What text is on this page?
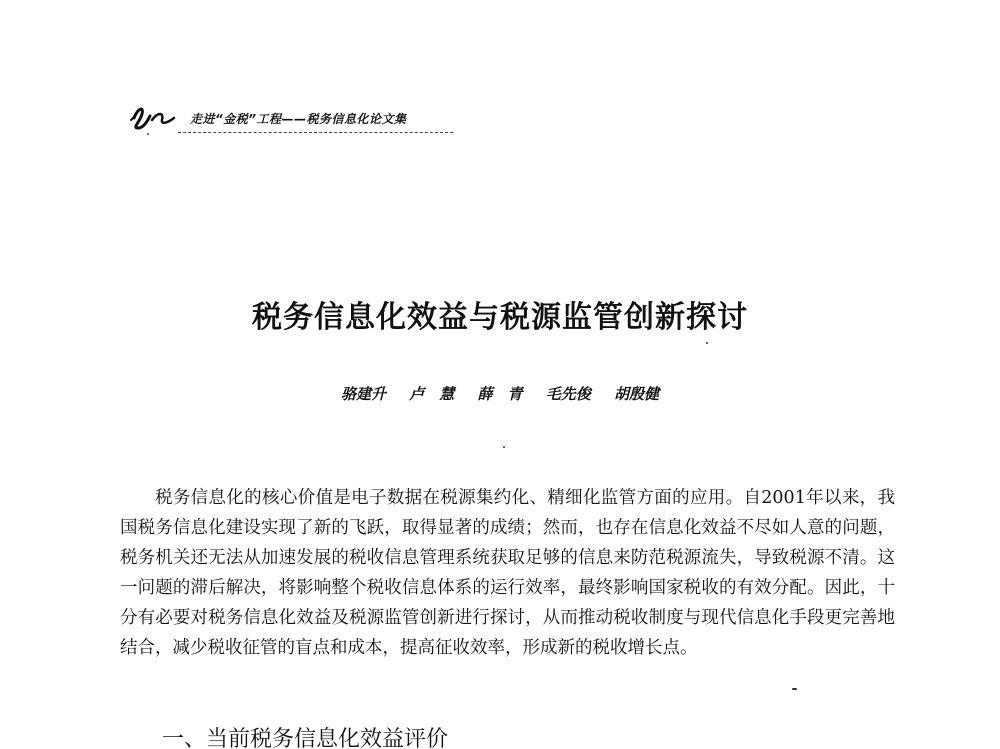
走进“金税”工程——税务信息化论文集
税务信息化效益与税源监管创新探讨
骆建升 卢　慧 薛　青 毛先俊 胡殷健

税务信息化的核心价值是电子数据在税源集约化、精细化监管方面的应用。自2001年以来，我国税务信息化建设实现了新的飞跃，取得显著的成绩；然而，也存在信息化效益不尽如人意的问题，税务机关还无法从加速发展的税收信息管理系统获取足够的信息来防范税源流失，导致税源不清。这一问题的滞后解决，将影响整个税收信息体系的运行效率，最终影响国家税收的有效分配。因此，十分有必要对税务信息化效益及税源监管创新进行探讨，从而推动税收制度与现代信息化手段更完善地结合，减少税收征管的盲点和成本，提高征收效率，形成新的税收增长点。

一、当前税务信息化效益评价
